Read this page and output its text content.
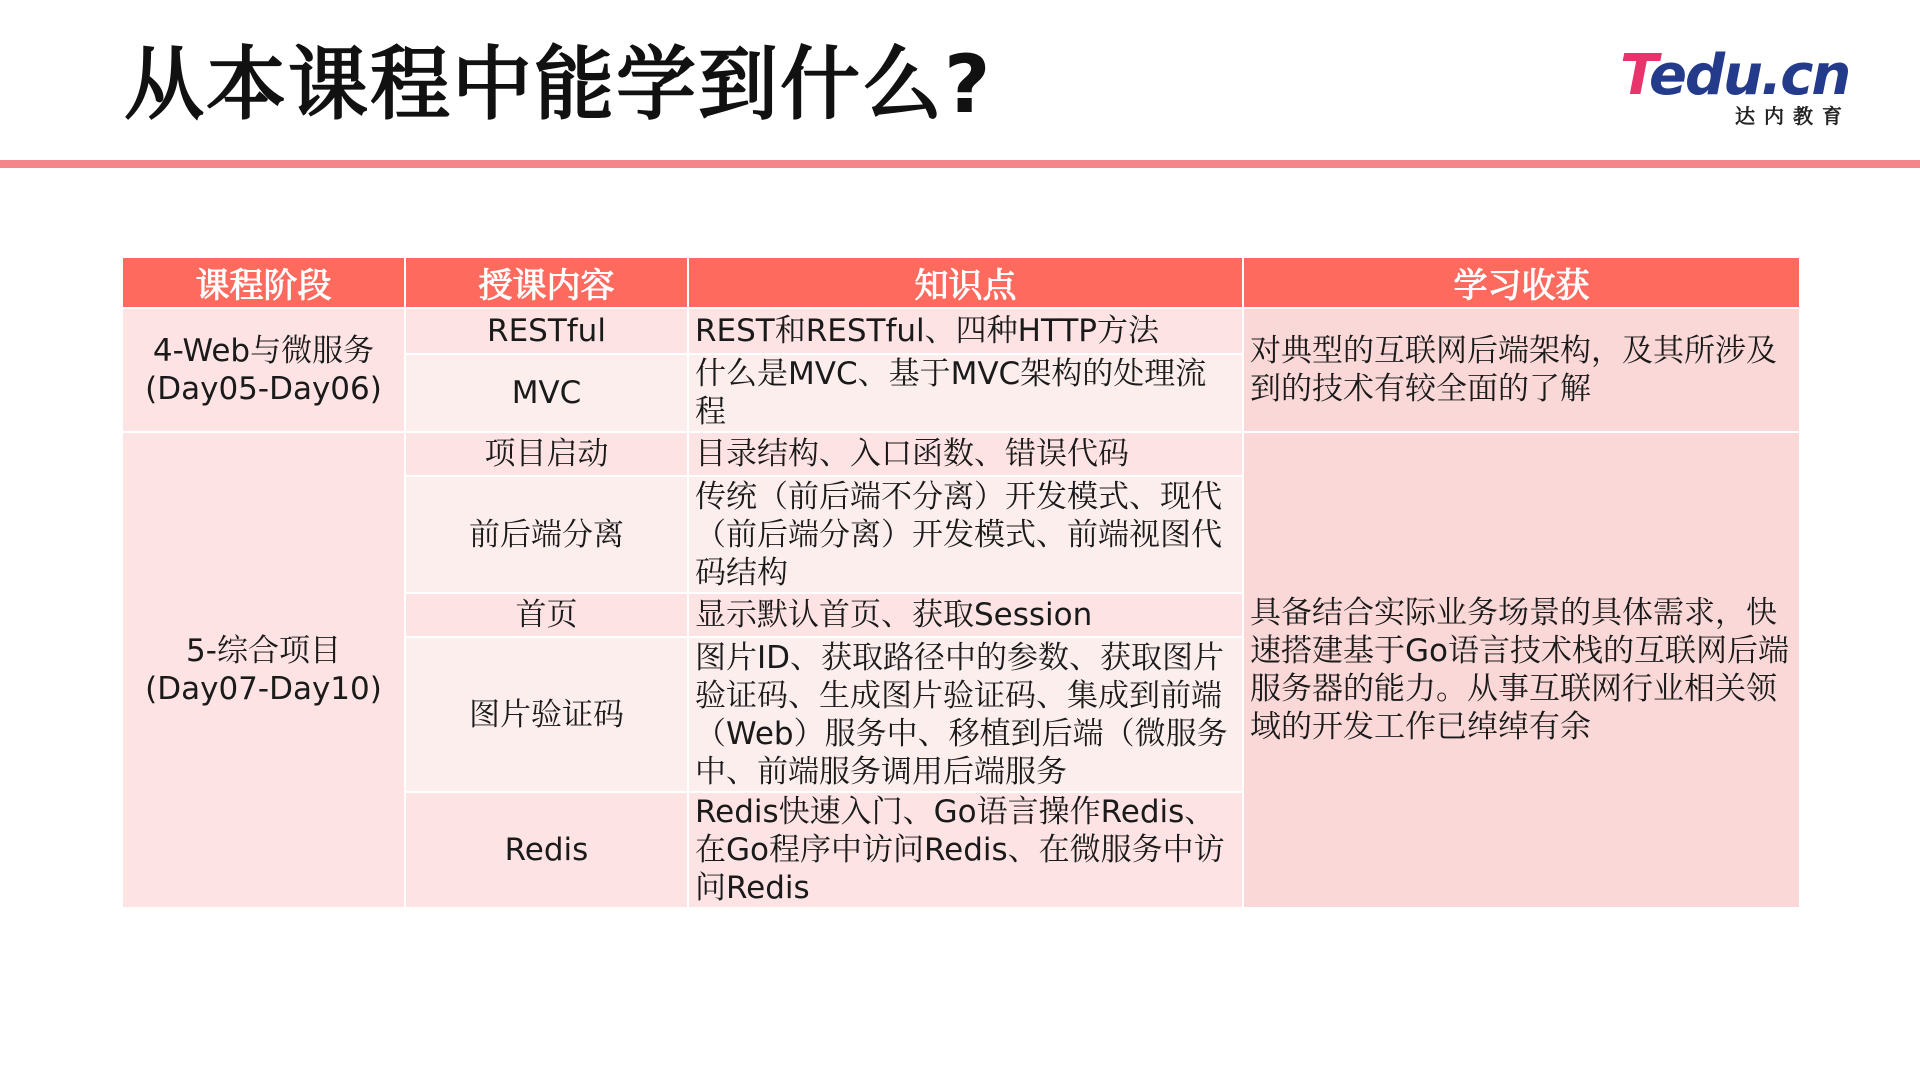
从本课程中能学到什么?	Tedu.cn
达内教育
课程阶段	授课内容	知识点	学习收获

4-Web与微服务
(Day05-Day06)	RESTful	REST和RESTful、四种HTTP方法	对典型的互联网后端架构，及其所涉及到的技术有较全面的了解
	MVC	什么是MVC、基于MVC架构的处理流程	

5-综合项目
(Day07-Day10)	项目启动	目录结构、入口函数、错误代码	具备结合实际业务场景的具体需求，快速搭建基于Go语言技术栈的互联网后端服务器的能力。从事互联网行业相关领域的开发工作已绰绰有余
	前后端分离	传统（前后端不分离）开发模式、现代（前后端分离）开发模式、前端视图代码结构	
	首页	显示默认首页、获取Session	
	图片验证码	图片ID、获取路径中的参数、获取图片验证码、生成图片验证码、集成到前端（Web）服务中、移植到后端（微服务中、前端服务调用后端服务	
	Redis	Redis快速入门、Go语言操作Redis、在Go程序中访问Redis、在微服务中访问Redis	
